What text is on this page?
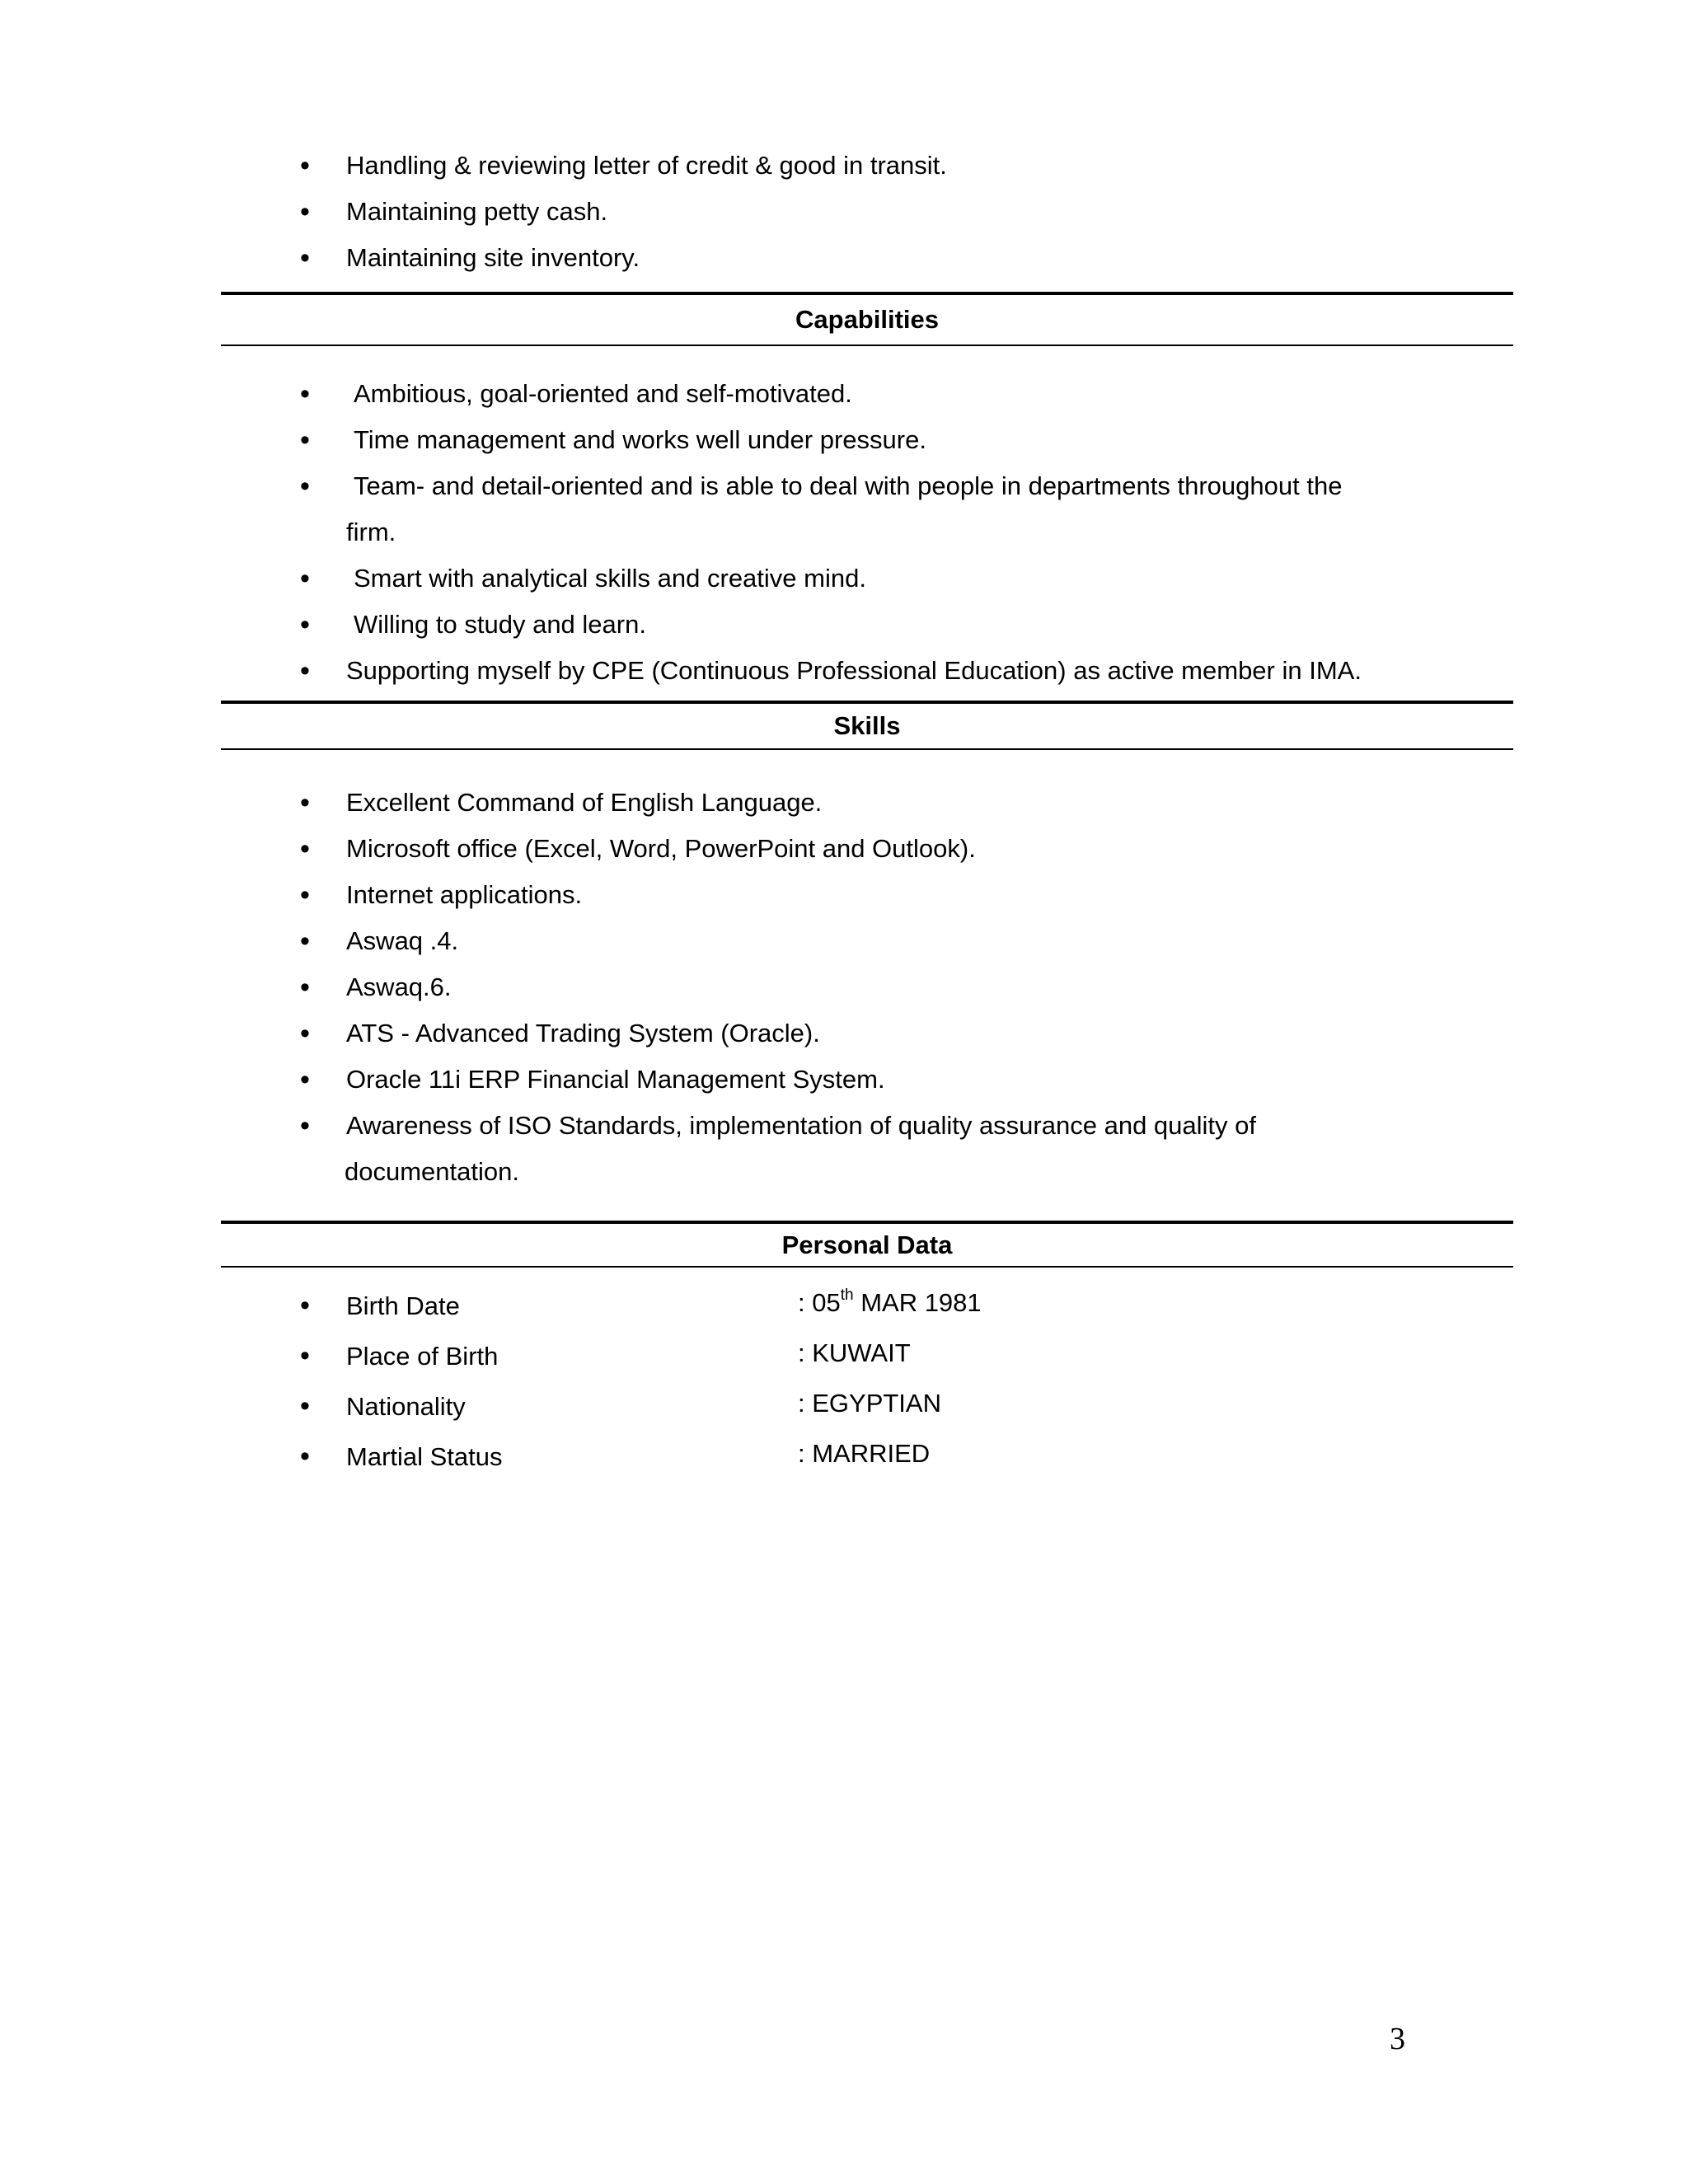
• Handling & reviewing letter of credit & good in transit.
• Maintaining petty cash.
• Maintaining site inventory.
Capabilities
• Ambitious, goal-oriented and self-motivated.
• Time management and works well under pressure.
• Team- and detail-oriented and is able to deal with people in departments throughout the
firm.
• Smart with analytical skills and creative mind.
• Willing to study and learn.
• Supporting myself by CPE (Continuous Professional Education) as active member in IMA.
Skills
• Excellent Command of English Language.
• Microsoft office (Excel, Word, PowerPoint and Outlook).
• Internet applications.
• Aswaq .4.
• Aswaq.6.
• ATS - Advanced Trading System (Oracle).
• Oracle 11i ERP Financial Management System.
• Awareness of ISO Standards, implementation of quality assurance and quality of
documentation.
Personal Data
• Birth Date	: 05th MAR 1981
• Place of Birth	: KUWAIT
• Nationality	: EGYPTIAN
• Martial Status	: MARRIED
3
